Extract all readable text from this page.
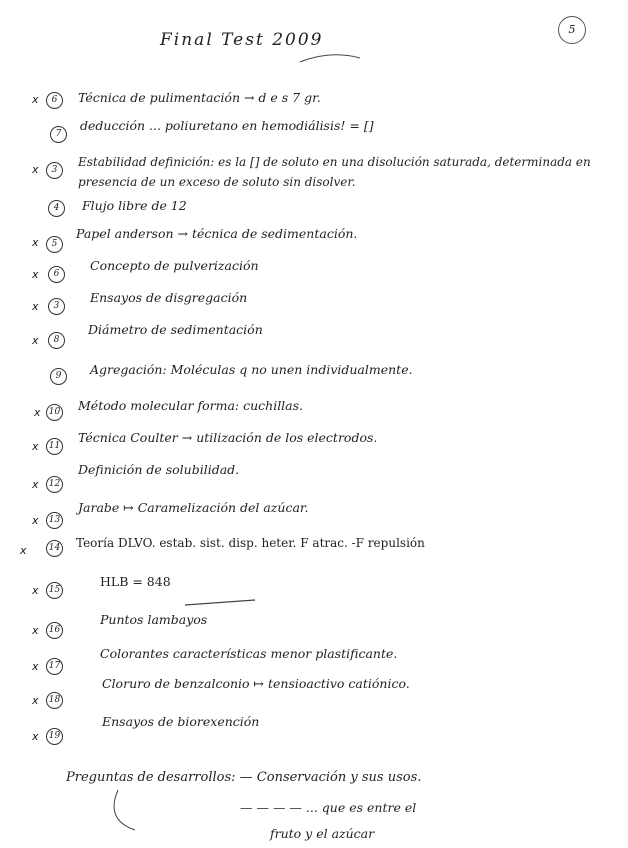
Final Test 2009
5
x	6	Técnica de pulimentación → d e s 7 gr.
7
deducción ... poliuretano en hemodiálisis! = []
x	3
Estabilidad definición: es la [] de soluto en una disolución saturada, determinada en presencia de un exceso de soluto sin disolver.
4	Flujo libre de 12
x	5
Papel anderson → técnica de sedimentación.
x	6
Concepto de pulverización
x	3
Ensayos de disgregación
x	8
Diámetro de sedimentación
9	Agregación: Moléculas q no unen individualmente.
x 10 Método molecular forma: cuchillas.
x	11
Técnica Coulter → utilización de los electrodos.
x	12
Definición de solubilidad.
x	13
Jarabe ↦ Caramelización del azúcar.
x	14 Teoría DLVO. estab. sist. disp. heter. F atrac. -F repulsión
x	15
HLB = 848
x	16
Puntos lambayos
x	17
Colorantes características menor plastificante.
x	18
Cloruro de benzalconio ↦ tensioactivo catiónico.
x	19
Ensayos de biorexención
Preguntas de desarrollos: — Conservación y sus usos.
— — — — ... que es entre el
fruto y el azúcar
